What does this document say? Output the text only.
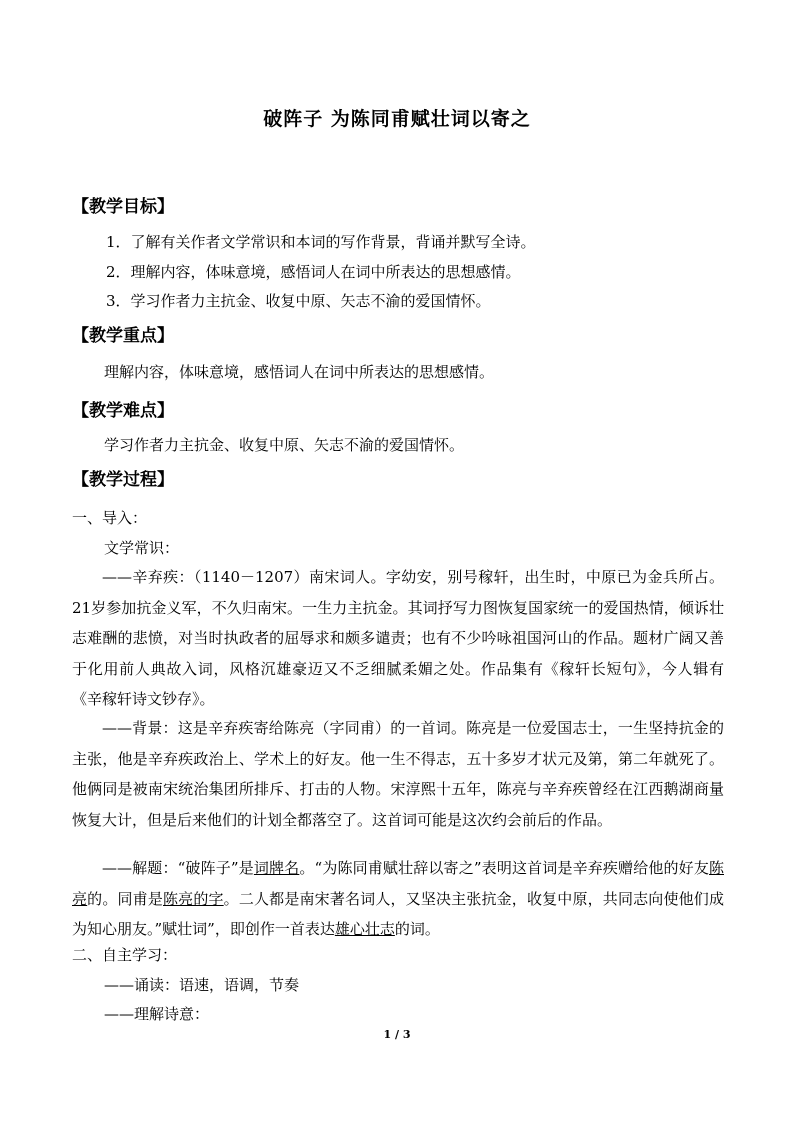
破阵子 为陈同甫赋壮词以寄之
【教学目标】
1．了解有关作者文学常识和本词的写作背景，背诵并默写全诗。
2．理解内容，体味意境，感悟词人在词中所表达的思想感情。
3．学习作者力主抗金、收复中原、矢志不渝的爱国情怀。
【教学重点】
理解内容，体味意境，感悟词人在词中所表达的思想感情。
【教学难点】
学习作者力主抗金、收复中原、矢志不渝的爱国情怀。
【教学过程】
一、导入：
文学常识：
——辛弃疾：（1140－1207）南宋词人。字幼安，别号稼轩，出生时，中原已为金兵所占。21岁参加抗金义军，不久归南宋。一生力主抗金。其词抒写力图恢复国家统一的爱国热情，倾诉壮志难酬的悲愤，对当时执政者的屈辱求和颇多谴责；也有不少吟咏祖国河山的作品。题材广阔又善于化用前人典故入词，风格沉雄豪迈又不乏细腻柔媚之处。作品集有《稼轩长短句》，今人辑有《辛稼轩诗文钞存》。
——背景：这是辛弃疾寄给陈亮（字同甫）的一首词。陈亮是一位爱国志士，一生坚持抗金的主张，他是辛弃疾政治上、学术上的好友。他一生不得志，五十多岁才状元及第，第二年就死了。他俩同是被南宋统治集团所排斥、打击的人物。宋淳熙十五年，陈亮与辛弃疾曾经在江西鹅湖商量恢复大计，但是后来他们的计划全都落空了。这首词可能是这次约会前后的作品。
——解题：“破阵子”是词牌名。“为陈同甫赋壮辞以寄之”表明这首词是辛弃疾赠给他的好友陈亮的。同甫是陈亮的字。二人都是南宋著名词人，又坚决主张抗金，收复中原，共同志向使他们成为知心朋友。”赋壮词”，即创作一首表达雄心壮志的词。
二、自主学习：
——诵读：语速，语调，节奏
——理解诗意：
1 / 3
